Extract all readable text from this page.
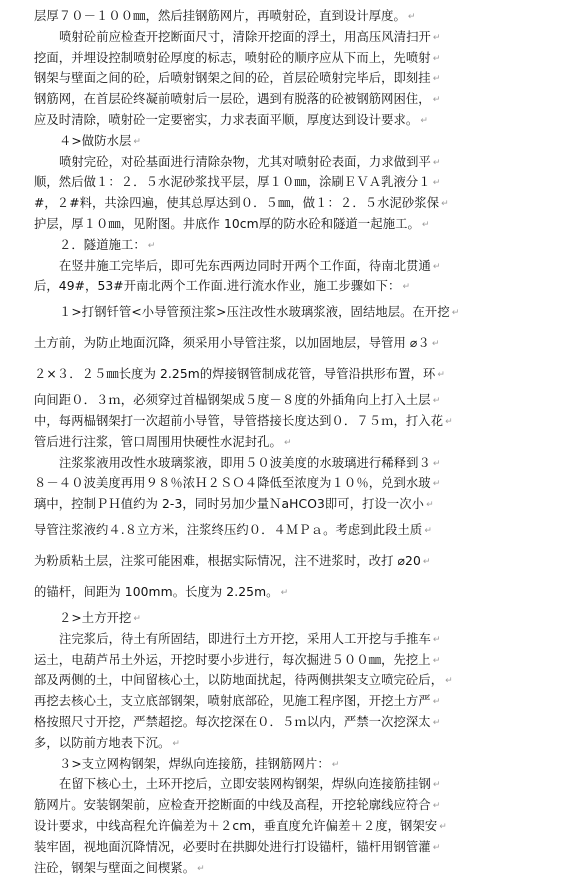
层厚７０－１００㎜，然后挂钢筋网片，再喷射砼，直到设计厚度。 ↵
喷射砼前应检查开挖断面尺寸，清除开挖面的浮土，用高压风清扫开 ↵
挖面，并埋设控制喷射砼厚度的标志，喷射砼的顺序应从下而上，先喷射 ↵
钢架与壁面之间的砼，后喷射钢架之间的砼，首层砼喷射完毕后，即刻挂 ↵
钢筋网，在首层砼终凝前喷射后一层砼，遇到有脱落的砼被钢筋网困住， ↵
应及时清除，喷射砼一定要密实，力求表面平顺，厚度达到设计要求。 ↵
４>做防水层 ↵
喷射完砼，对砼基面进行清除杂物，尤其对喷射砼表面，力求做到平 ↵
顺，然后做１：２．５水泥砂浆找平层，厚１０㎜，涂刷ＥＶＡ乳液分１ ↵
#，２#料，共涂四遍，使其总厚达到０．５㎜，做１：２．５水泥砂浆保 ↵
护层，厚１０㎜，见附图。井底作 10cm厚的防水砼和隧道一起施工。 ↵
２．隧道施工： ↵
在竖井施工完毕后，即可先东西两边同时开两个工作面，待南北贯通 ↵
后，49#，53#开南北两个工作面.进行流水作业，施工步骤如下： ↵
１>打钢钎管<小导管预注浆>压注改性水玻璃浆液，固结地层。在开挖 ↵
土方前，为防止地面沉降，须采用小导管注浆，以加固地层，导管用 ⌀３ ↵
２×３．２５㎜长度为 2.25m的焊接钢管制成花管，导管沿拱形布置，环 ↵
向间距０．３ｍ，必须穿过首榀钢架成５度－８度的外插角向上打入土层 ↵
中，每两榀钢架打一次超前小导管，导管搭接长度达到０．７５ｍ，打入花 ↵
管后进行注浆，管口周围用快硬性水泥封孔。 ↵
注浆浆液用改性水玻璃浆液，即用５０波美度的水玻璃进行稀释到３ ↵
８－４０波美度再用９８％浓Ｈ２ＳＯ４降低至浓度为１０％，兑到水玻 ↵
璃中，控制ＰＨ值约为 2-3，同时另加少量ＮaHCO3即可，打设一次小 ↵
导管注浆液约４.８立方米，注浆终压约０．４ＭＰａ。考虑到此段土质 ↵
为粉质粘土层，注浆可能困难，根据实际情况，注不进浆时，改打 ⌀20 ↵
的锚杆，间距为 100mm。长度为 2.25m。 ↵
２>土方开挖 ↵
注完浆后，待土有所固结，即进行土方开挖，采用人工开挖与手推车 ↵
运土，电葫芦吊土外运，开挖时要小步进行，每次掘进５００㎜，先挖上 ↵
部及两侧的土，中间留核心土，以防地面扰起，待两侧拱架支立喷完砼后， ↵
再挖去核心土，支立底部钢架，喷射底部砼，见施工程序图，开挖土方严 ↵
格按照尺寸开挖，严禁超挖。每次挖深在０．５ｍ以内，严禁一次挖深太 ↵
多，以防前方地表下沉。 ↵
３>支立网构钢架，焊纵向连接筋，挂钢筋网片： ↵
在留下核心土，土环开挖后，立即安装网构钢架，焊纵向连接筋挂钢 ↵
筋网片。安装钢架前，应检查开挖断面的中线及高程，开挖轮廓线应符合 ↵
设计要求，中线高程允许偏差为＋２cm，垂直度允许偏差＋２度，钢架安 ↵
装牢固，视地面沉降情况，必要时在拱脚处进行打设锚杆，锚杆用钢管灌 ↵
注砼，钢架与壁面之间楔紧。 ↵
